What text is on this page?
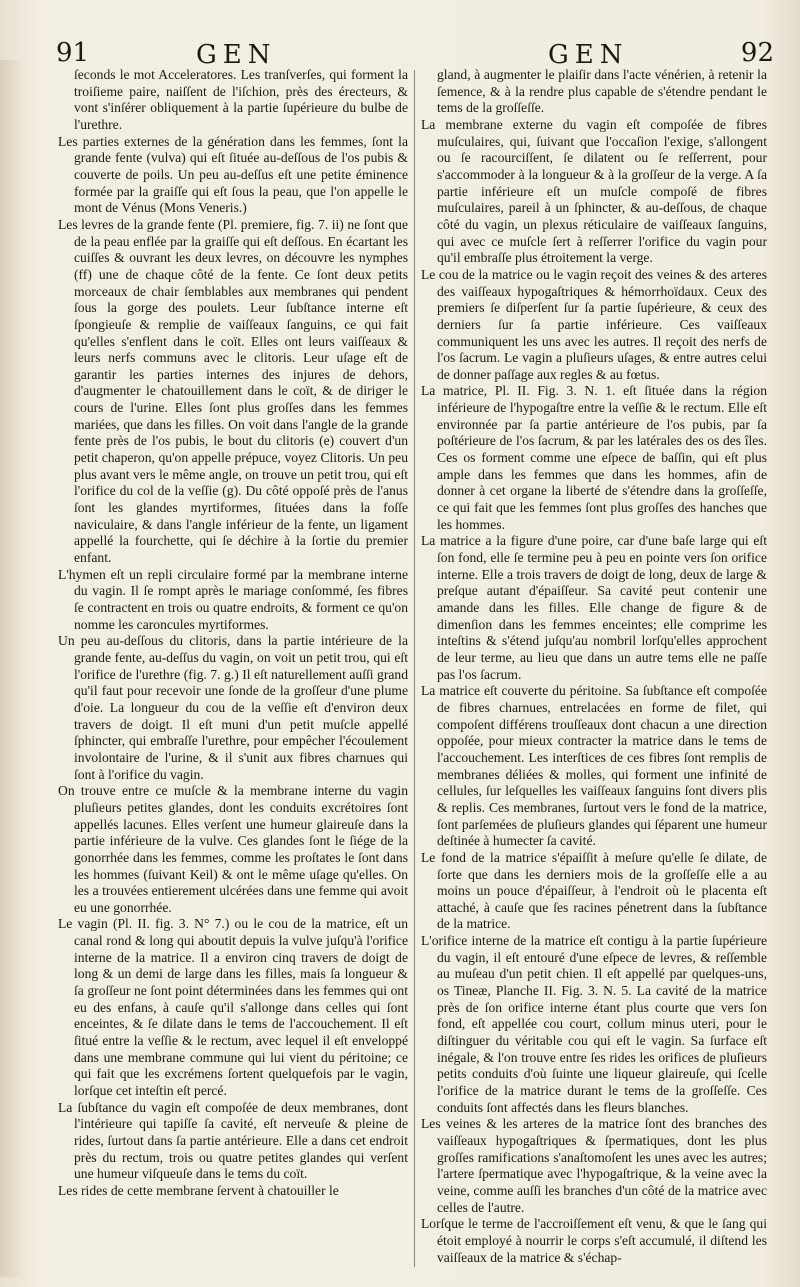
91	GEN	GEN	92

ſeconds le mot Acceleratores. Les tranſverſes, qui forment la troiſieme paire, naiſſent de l'iſchion, près des érecteurs, & vont s'inſérer obliquement à la partie ſupérieure du bulbe de l'urethre.

Les parties externes de la génération dans les femmes, ſont la grande fente (vulva) qui eſt ſituée au-deſſous de l'os pubis & couverte de poils. Un peu au-deſſus eſt une petite éminence formée par la graiſſe qui eſt ſous la peau, que l'on appelle le mont de Vénus (Mons Veneris.)

Les levres de la grande fente (Pl. premiere, fig. 7. ii) ne ſont que de la peau enflée par la graiſſe qui eſt deſſous. En écartant les cuiſſes & ouvrant les deux levres, on découvre les nymphes (ff) une de chaque côté de la fente. Ce ſont deux petits morceaux de chair ſemblables aux membranes qui pendent ſous la gorge des poulets. Leur ſubſtance interne eſt ſpongieuſe & remplie de vaiſſeaux ſanguins, ce qui fait qu'elles s'enflent dans le coït. Elles ont leurs vaiſſeaux & leurs nerfs communs avec le clitoris. Leur uſage eſt de garantir les parties internes des injures de dehors, d'augmenter le chatouillement dans le coït, & de diriger le cours de l'urine. Elles ſont plus groſſes dans les femmes mariées, que dans les filles. On voit dans l'angle de la grande fente près de l'os pubis, le bout du clitoris (e) couvert d'un petit chaperon, qu'on appelle prépuce, voyez Clitoris. Un peu plus avant vers le même angle, on trouve un petit trou, qui eſt l'orifice du col de la veſſie (g). Du côté oppoſé près de l'anus ſont les glandes myrtiformes, ſituées dans la foſſe naviculaire, & dans l'angle inférieur de la fente, un ligament appellé la fourchette, qui ſe déchire à la ſortie du premier enfant.

L'hymen eſt un repli circulaire formé par la membrane interne du vagin. Il ſe rompt après le mariage conſommé, ſes fibres ſe contractent en trois ou quatre endroits, & forment ce qu'on nomme les caroncules myrtiformes.

Un peu au-deſſous du clitoris, dans la partie intérieure de la grande fente, au-deſſus du vagin, on voit un petit trou, qui eſt l'orifice de l'urethre (fig. 7. g.) Il eſt naturellement auſſi grand qu'il faut pour recevoir une ſonde de la groſſeur d'une plume d'oie. La longueur du cou de la veſſie eſt d'environ deux travers de doigt. Il eſt muni d'un petit muſcle appellé ſphincter, qui embraſſe l'urethre, pour empêcher l'écoulement involontaire de l'urine, & il s'unit aux fibres charnues qui ſont à l'orifice du vagin.

On trouve entre ce muſcle & la membrane interne du vagin pluſieurs petites glandes, dont les conduits excrétoires ſont appellés lacunes. Elles verſent une humeur glaireuſe dans la partie inférieure de la vulve. Ces glandes ſont le ſiége de la gonorrhée dans les femmes, comme les proſtates le ſont dans les hommes (ſuivant Keil) & ont le même uſage qu'elles. On les a trouvées entierement ulcérées dans une femme qui avoit eu une gonorrhée.

Le vagin (Pl. II. fig. 3. N° 7.) ou le cou de la matrice, eſt un canal rond & long qui aboutit depuis la vulve juſqu'à l'orifice interne de la matrice. Il a environ cinq travers de doigt de long & un demi de large dans les filles, mais ſa longueur & ſa groſſeur ne ſont point déterminées dans les femmes qui ont eu des enfans, à cauſe qu'il s'allonge dans celles qui ſont enceintes, & ſe dilate dans le tems de l'accouchement. Il eſt ſitué entre la veſſie & le rectum, avec lequel il eſt enveloppé dans une membrane commune qui lui vient du péritoine; ce qui fait que les excrémens ſortent quelquefois par le vagin, lorſque cet inteſtin eſt percé.

La ſubſtance du vagin eſt compoſée de deux membranes, dont l'intérieure qui tapiſſe ſa cavité, eſt nerveuſe & pleine de rides, ſurtout dans ſa partie antérieure. Elle a dans cet endroit près du rectum, trois ou quatre petites glandes qui verſent une humeur viſqueuſe dans le tems du coït.

Les rides de cette membrane ſervent à chatouiller le

gland, à augmenter le plaiſir dans l'acte vénérien, à retenir la ſemence, & à la rendre plus capable de s'étendre pendant le tems de la groſſeſſe.

La membrane externe du vagin eſt compoſée de fibres muſculaires, qui, ſuivant que l'occaſion l'exige, s'allongent ou ſe racourciſſent, ſe dilatent ou ſe reſſerrent, pour s'accommoder à la longueur & à la groſſeur de la verge. A ſa partie inférieure eſt un muſcle compoſé de fibres muſculaires, pareil à un ſphincter, & au-deſſous, de chaque côté du vagin, un plexus réticulaire de vaiſſeaux ſanguins, qui avec ce muſcle ſert à reſſerrer l'orifice du vagin pour qu'il embraſſe plus étroitement la verge.

Le cou de la matrice ou le vagin reçoit des veines & des arteres des vaiſſeaux hypogaſtriques & hémorrhoïdaux. Ceux des premiers ſe diſperſent ſur ſa partie ſupérieure, & ceux des derniers ſur ſa partie inférieure. Ces vaiſſeaux communiquent les uns avec les autres. Il reçoit des nerfs de l'os ſacrum. Le vagin a pluſieurs uſages, & entre autres celui de donner paſſage aux regles & au fœtus.

La matrice, Pl. II. Fig. 3. N. 1. eſt ſituée dans la région inférieure de l'hypogaſtre entre la veſſie & le rectum. Elle eſt environnée par ſa partie antérieure de l'os pubis, par ſa poſtérieure de l'os ſacrum, & par les latérales des os des îles. Ces os forment comme une eſpece de baſſin, qui eſt plus ample dans les femmes que dans les hommes, afin de donner à cet organe la liberté de s'étendre dans la groſſeſſe, ce qui fait que les femmes ſont plus groſſes des hanches que les hommes.

La matrice a la figure d'une poire, car d'une baſe large qui eſt ſon fond, elle ſe termine peu à peu en pointe vers ſon orifice interne. Elle a trois travers de doigt de long, deux de large & preſque autant d'épaiſſeur. Sa cavité peut contenir une amande dans les filles. Elle change de figure & de dimenſion dans les femmes enceintes; elle comprime les inteſtins & s'étend juſqu'au nombril lorſqu'elles approchent de leur terme, au lieu que dans un autre tems elle ne paſſe pas l'os ſacrum.

La matrice eſt couverte du péritoine. Sa ſubſtance eſt compoſée de fibres charnues, entrelacées en forme de filet, qui compoſent différens trouſſeaux dont chacun a une direction oppoſée, pour mieux contracter la matrice dans le tems de l'accouchement. Les interſtices de ces fibres ſont remplis de membranes déliées & molles, qui forment une infinité de cellules, ſur leſquelles les vaiſſeaux ſanguins ſont divers plis & replis. Ces membranes, ſurtout vers le fond de la matrice, ſont parſemées de pluſieurs glandes qui ſéparent une humeur deſtinée à humecter ſa cavité.

Le fond de la matrice s'épaiſſit à meſure qu'elle ſe dilate, de ſorte que dans les derniers mois de la groſſeſſe elle a au moins un pouce d'épaiſſeur, à l'endroit où le placenta eſt attaché, à cauſe que ſes racines pénetrent dans la ſubſtance de la matrice.

L'orifice interne de la matrice eſt contigu à la partie ſupérieure du vagin, il eſt entouré d'une eſpece de levres, & reſſemble au muſeau d'un petit chien. Il eſt appellé par quelques-uns, os Tineæ, Planche II. Fig. 3. N. 5. La cavité de la matrice près de ſon orifice interne étant plus courte que vers ſon fond, eſt appellée cou court, collum minus uteri, pour le diſtinguer du véritable cou qui eſt le vagin. Sa ſurface eſt inégale, & l'on trouve entre ſes rides les orifices de pluſieurs petits conduits d'où ſuinte une liqueur glaireuſe, qui ſcelle l'orifice de la matrice durant le tems de la groſſeſſe. Ces conduits ſont affectés dans les fleurs blanches.

Les veines & les arteres de la matrice ſont des branches des vaiſſeaux hypogaſtriques & ſpermatiques, dont les plus groſſes ramifications s'anaſtomoſent les unes avec les autres; l'artere ſpermatique avec l'hypogaſtrique, & la veine avec la veine, comme auſſi les branches d'un côté de la matrice avec celles de l'autre.

Lorſque le terme de l'accroiſſement eſt venu, & que le ſang qui étoit employé à nourrir le corps s'eſt accumulé, il diſtend les vaiſſeaux de la matrice & s'échap-
